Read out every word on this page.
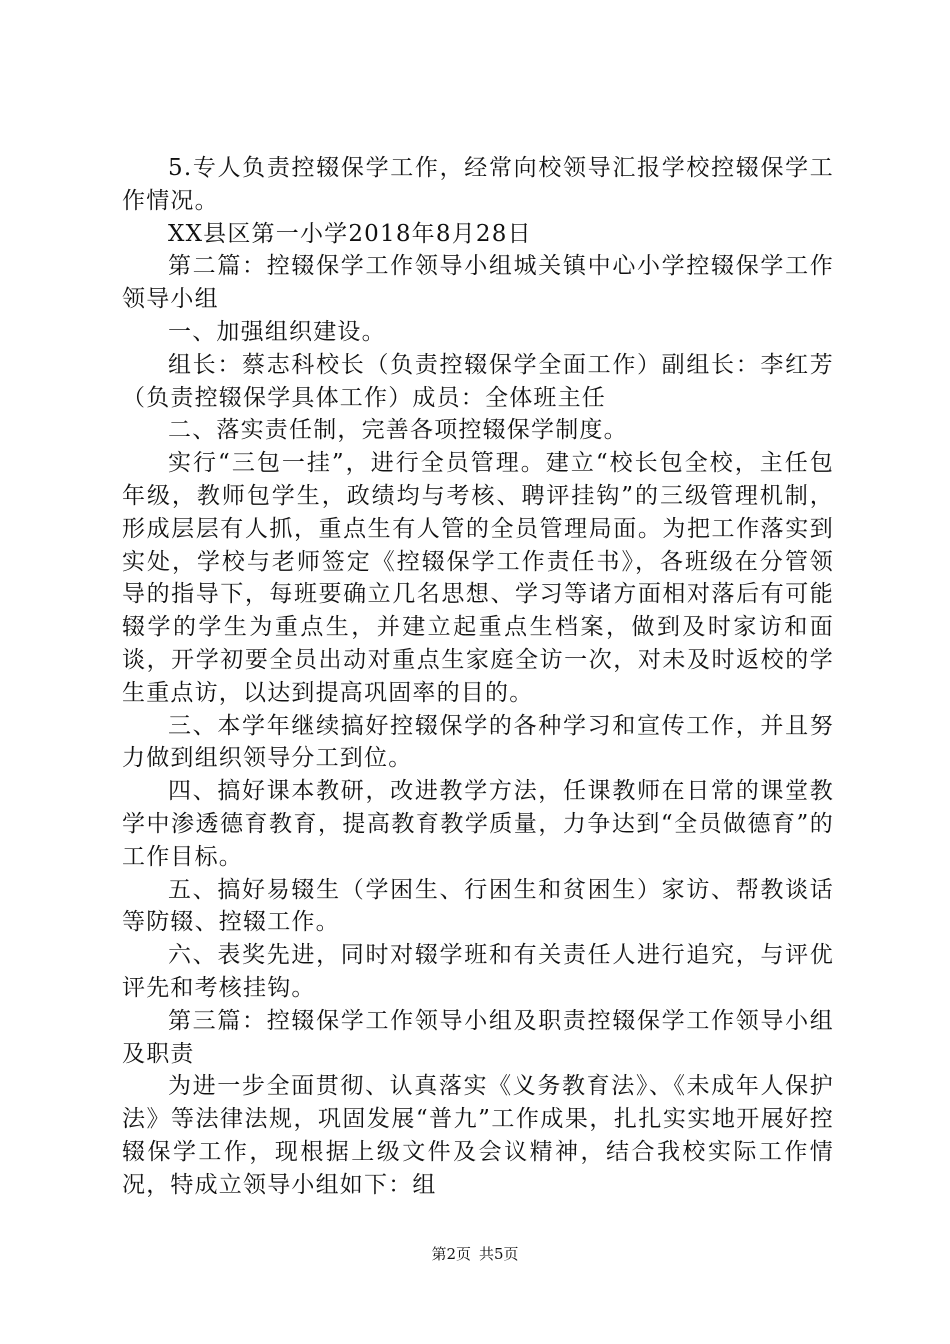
5.专人负责控辍保学工作，经常向校领导汇报学校控辍保学工作情况。

XX县区第一小学2018年8月28日

第二篇：控辍保学工作领导小组城关镇中心小学控辍保学工作领导小组

一、加强组织建设。

组长：蔡志科校长（负责控辍保学全面工作）副组长：李红芳（负责控辍保学具体工作）成员：全体班主任

二、落实责任制，完善各项控辍保学制度。

实行“三包一挂”，进行全员管理。建立“校长包全校，主任包年级，教师包学生，政绩均与考核、聘评挂钩”的三级管理机制，形成层层有人抓，重点生有人管的全员管理局面。为把工作落实到实处，学校与老师签定《控辍保学工作责任书》，各班级在分管领导的指导下，每班要确立几名思想、学习等诸方面相对落后有可能辍学的学生为重点生，并建立起重点生档案，做到及时家访和面谈，开学初要全员出动对重点生家庭全访一次，对未及时返校的学生重点访，以达到提高巩固率的目的。

三、本学年继续搞好控辍保学的各种学习和宣传工作，并且努力做到组织领导分工到位。

四、搞好课本教研，改进教学方法，任课教师在日常的课堂教学中渗透德育教育，提高教育教学质量，力争达到“全员做德育”的工作目标。

五、搞好易辍生（学困生、行困生和贫困生）家访、帮教谈话等防辍、控辍工作。

六、表奖先进，同时对辍学班和有关责任人进行追究，与评优评先和考核挂钩。

第三篇：控辍保学工作领导小组及职责控辍保学工作领导小组及职责

为进一步全面贯彻、认真落实《义务教育法》、《未成年人保护法》等法律法规，巩固发展“普九”工作成果，扎扎实实地开展好控辍保学工作，现根据上级文件及会议精神，结合我校实际工作情况，特成立领导小组如下：组

第2页 共5页
